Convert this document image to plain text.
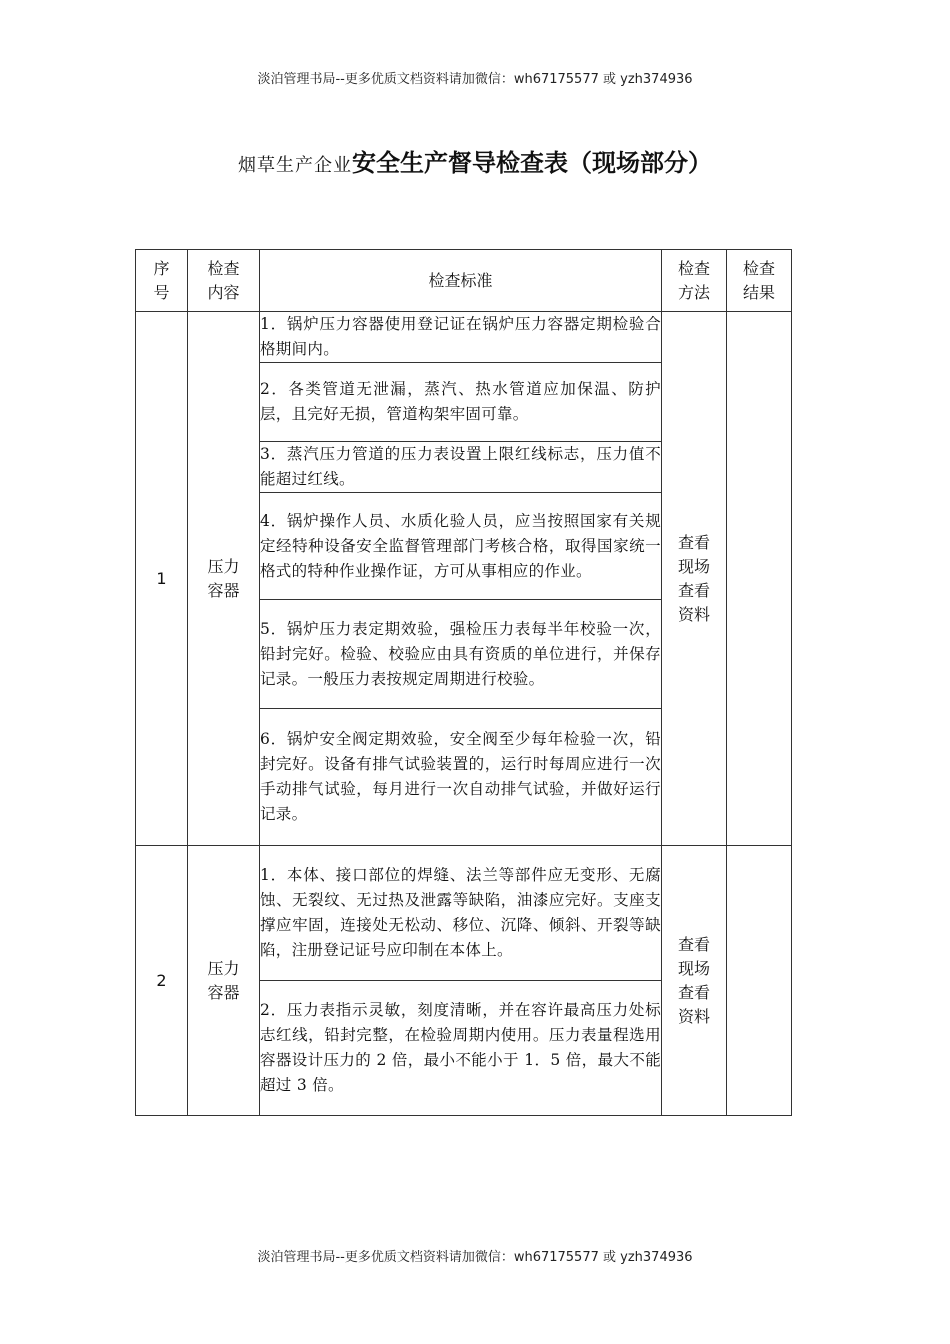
淡泊管理书局--更多优质文档资料请加微信：wh67175577 或 yzh374936
烟草生产企业安全生产督导检查表（现场部分）
序号	检查内容	检查标准	检查方法	检查结果
1	压力容器	1．锅炉压力容器使用登记证在锅炉压力容器定期检验合格期间内。	查看现场查看资料	
		2．各类管道无泄漏，蒸汽、热水管道应加保温、防护层，且完好无损，管道构架牢固可靠。		
		3．蒸汽压力管道的压力表设置上限红线标志，压力值不能超过红线。		
		4．锅炉操作人员、水质化验人员，应当按照国家有关规定经特种设备安全监督管理部门考核合格，取得国家统一格式的特种作业操作证，方可从事相应的作业。		
		5．锅炉压力表定期效验，强检压力表每半年校验一次，铅封完好。检验、校验应由具有资质的单位进行，并保存记录。一般压力表按规定周期进行校验。		
		6．锅炉安全阀定期效验，安全阀至少每年检验一次，铅封完好。设备有排气试验装置的，运行时每周应进行一次手动排气试验，每月进行一次自动排气试验，并做好运行记录。		
2	压力容器	1．本体、接口部位的焊缝、法兰等部件应无变形、无腐蚀、无裂纹、无过热及泄露等缺陷，油漆应完好。支座支撑应牢固，连接处无松动、移位、沉降、倾斜、开裂等缺陷，注册登记证号应印制在本体上。	查看现场查看资料	
		2．压力表指示灵敏，刻度清晰，并在容许最高压力处标志红线，铅封完整，在检验周期内使用。压力表量程选用容器设计压力的 2 倍，最小不能小于 1．5 倍，最大不能超过 3 倍。		
淡泊管理书局--更多优质文档资料请加微信：wh67175577 或 yzh374936
